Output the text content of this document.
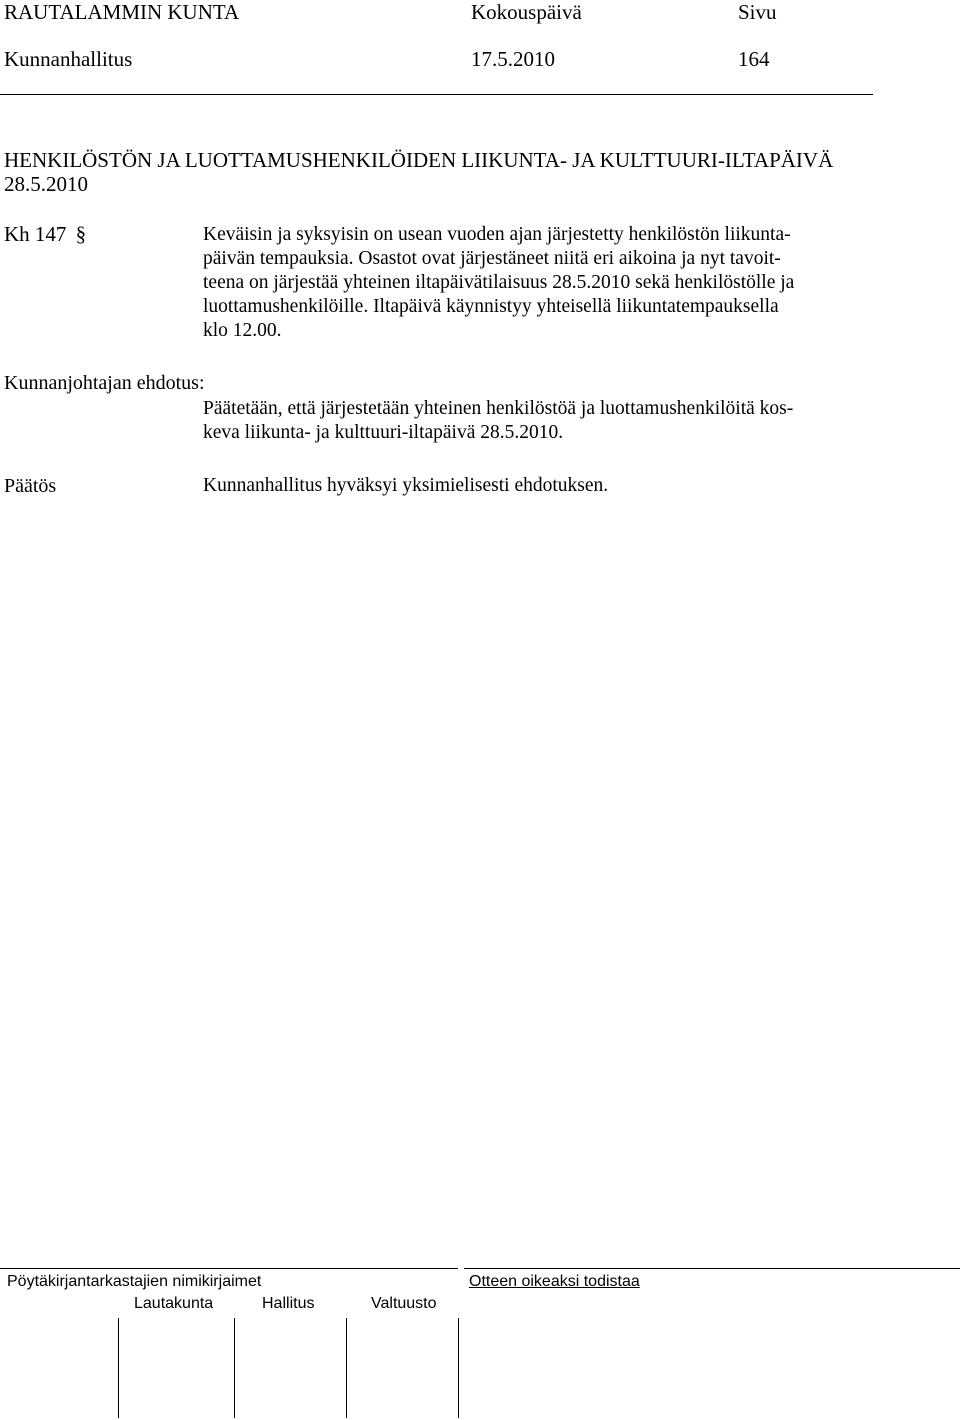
RAUTALAMMIN KUNTA	Kokouspäivä	Sivu
Kunnanhallitus	17.5.2010	164
HENKILÖSTÖN JA LUOTTAMUSHENKILÖIDEN LIIKUNTA- JA KULTTUURI-ILTAPÄIVÄ
28.5.2010
Kh 147 §	Keväisin ja syksyisin on usean vuoden ajan järjestetty henkilöstön liikunta-
päivän tempauksia. Osastot ovat järjestäneet niitä eri aikoina ja nyt tavoit-
teena on järjestää yhteinen iltapäivätilaisuus 28.5.2010 sekä henkilöstölle ja
luottamushenkilöille. Iltapäivä käynnistyy yhteisellä liikuntatempauksella
klo 12.00.
Kunnanjohtajan ehdotus:
Päätetään, että järjestetään yhteinen henkilöstöä ja luottamushenkilöitä kos-
keva liikunta- ja kulttuuri-iltapäivä 28.5.2010.
Päätös	Kunnanhallitus hyväksyi yksimielisesti ehdotuksen.
Pöytäkirjantarkastajien nimikirjaimet	Otteen oikeaksi todistaa
Lautakunta	Hallitus	Valtuusto
